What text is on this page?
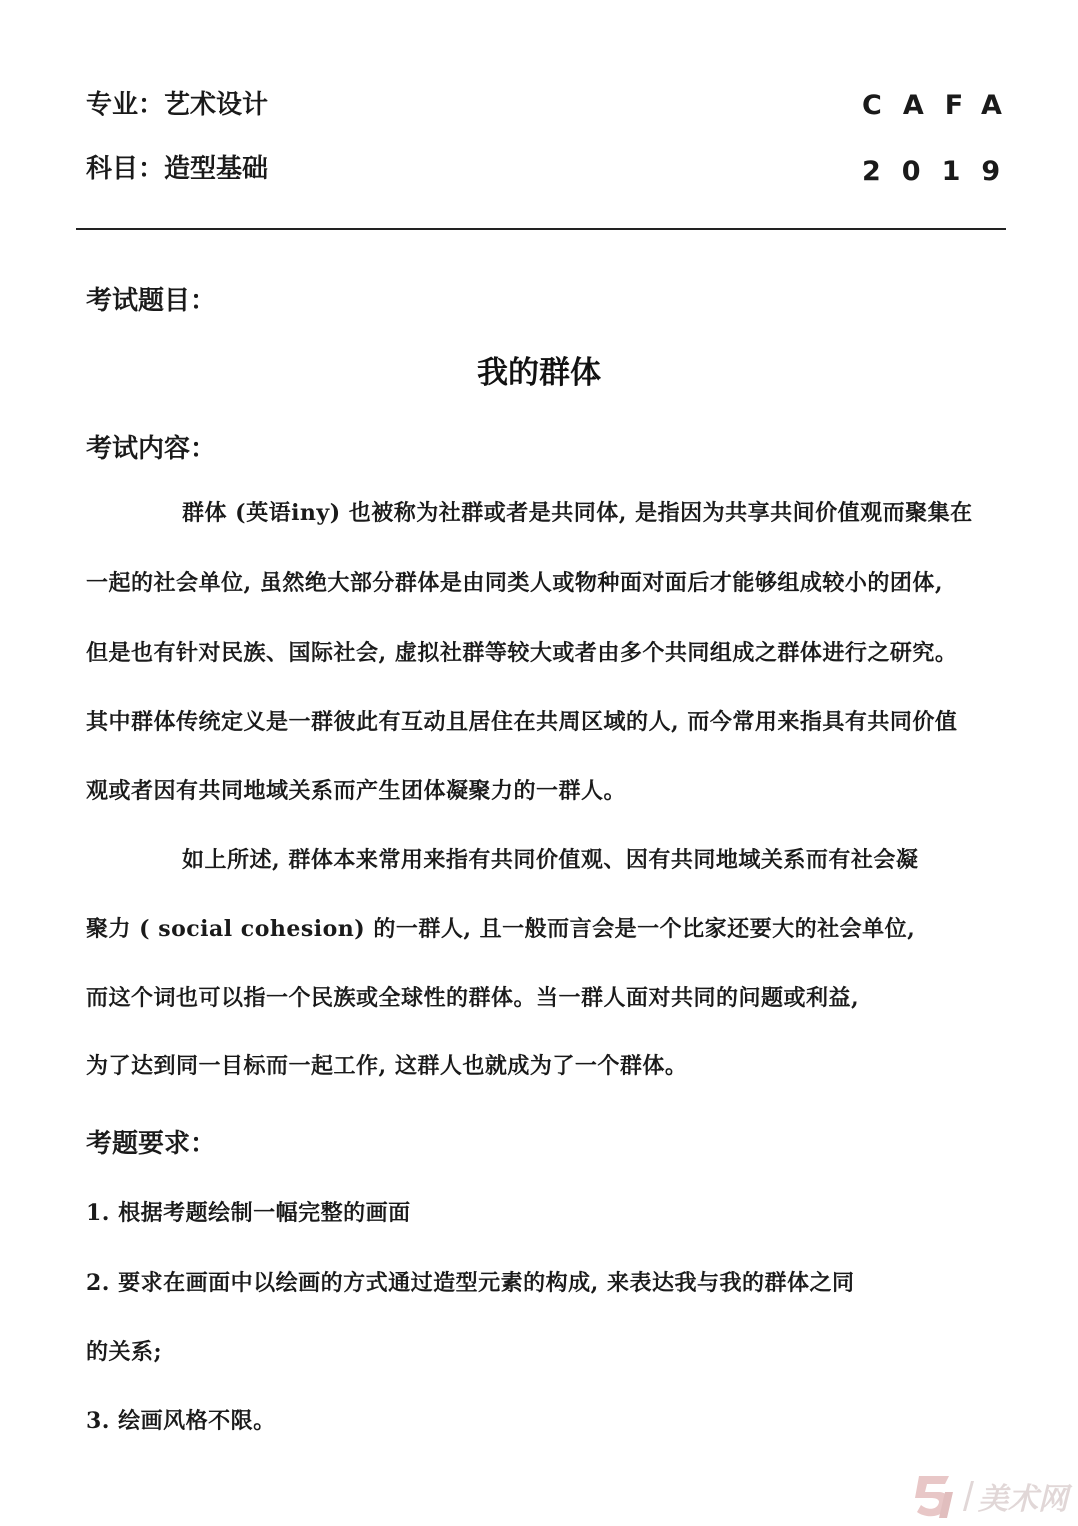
专业：艺术设计
科目：造型基础
CAFA
2019
考试题目：
我的群体
考试内容：
群体 (英语iny) 也被称为社群或者是共同体, 是指因为共享共间价值观而聚集在
一起的社会单位, 虽然绝大部分群体是由同类人或物种面对面后才能够组成较小的团体,
但是也有针对民族、国际社会, 虚拟社群等较大或者由多个共同组成之群体进行之研究。
其中群体传统定义是一群彼此有互动且居住在共周区域的人, 而今常用来指具有共同价值
观或者因有共同地域关系而产生团体凝聚力的一群人。
如上所述, 群体本来常用来指有共同价值观、因有共同地域关系而有社会凝
聚力 ( social cohesion) 的一群人, 且一般而言会是一个比家还要大的社会单位,
而这个词也可以指一个民族或全球性的群体。当一群人面对共同的问题或利益,
为了达到同一目标而一起工作, 这群人也就成为了一个群体。
考题要求：
1. 根据考题绘制一幅完整的画面
2. 要求在画面中以绘画的方式通过造型元素的构成, 来表达我与我的群体之同
的关系;
3. 绘画风格不限。
美术网
